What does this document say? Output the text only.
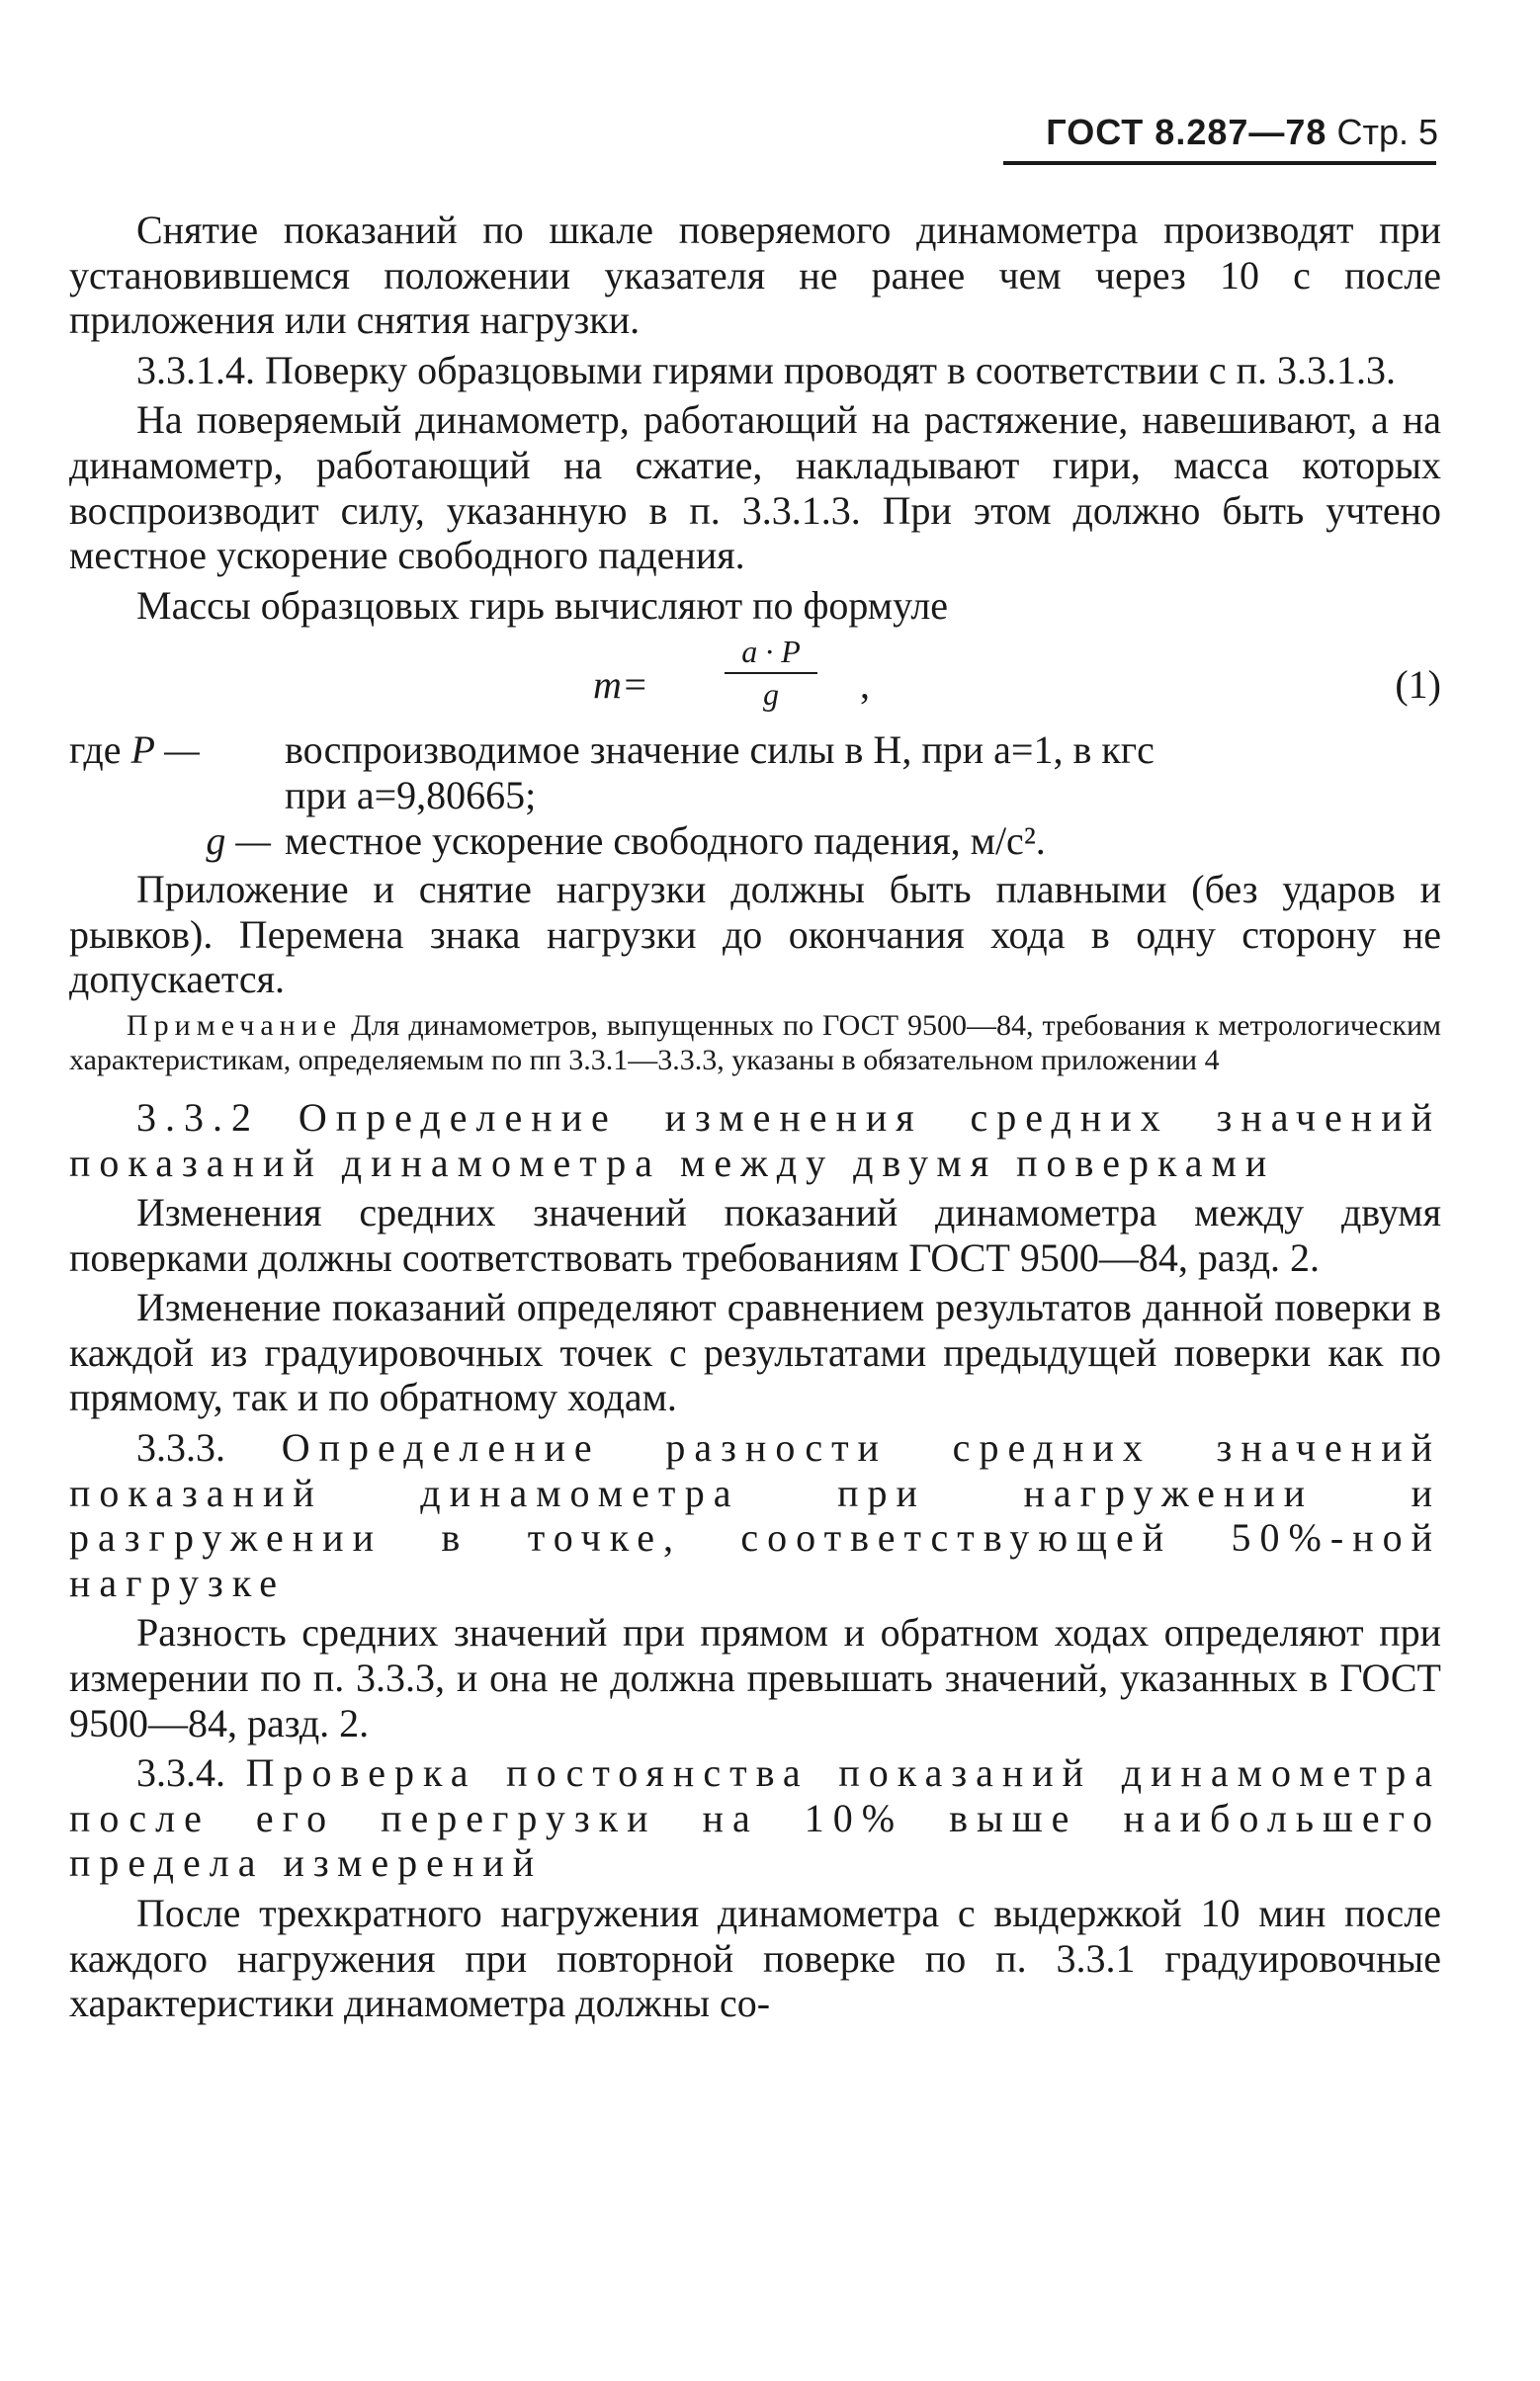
ГОСТ 8.287—78 Стр. 5

Снятие показаний по шкале поверяемого динамометра производят при установившемся положении указателя не ранее чем через 10 с после приложения или снятия нагрузки.

3.3.1.4. Поверку образцовыми гирями проводят в соответствии с п. 3.3.1.3.

На поверяемый динамометр, работающий на растяжение, навешивают, а на динамометр, работающий на сжатие, накладывают гири, масса которых воспроизводит силу, указанную в п. 3.3.1.3. При этом должно быть учтено местное ускорение свободного падения.

Массы образцовых гирь вычисляют по формуле

m=
a · P
g	,	(1)
где P —	воспроизводимое значение силы в Н, при a=1, в кгс
при a=9,80665;
g — местное ускорение свободного падения, м/с².

Приложение и снятие нагрузки должны быть плавными (без ударов и рывков). Перемена знака нагрузки до окончания хода в одну сторону не допускается.

Примечание Для динамометров, выпущенных по ГОСТ 9500—84, требования к метрологическим характеристикам, определяемым по пп 3.3.1—3.3.3, указаны в обязательном приложении 4

3.3.2 Определение изменения средних значений показаний динамометра между двумя поверками

Изменения средних значений показаний динамометра между двумя поверками должны соответствовать требованиям ГОСТ 9500—84, разд. 2.

Изменение показаний определяют сравнением результатов данной поверки в каждой из градуировочных точек с результатами предыдущей поверки как по прямому, так и по обратному ходам.

3.3.3. Определение разности средних значений показаний динамометра при нагружении и разгружении в точке, соответствующей 50%-ной нагрузке

Разность средних значений при прямом и обратном ходах определяют при измерении по п. 3.3.3, и она не должна превышать значений, указанных в ГОСТ 9500—84, разд. 2.

3.3.4. Проверка постоянства показаний динамометра после его перегрузки на 10% выше наибольшего предела измерений

После трехкратного нагружения динамометра с выдержкой 10 мин после каждого нагружения при повторной поверке по п. 3.3.1 градуировочные характеристики динамометра должны со-
